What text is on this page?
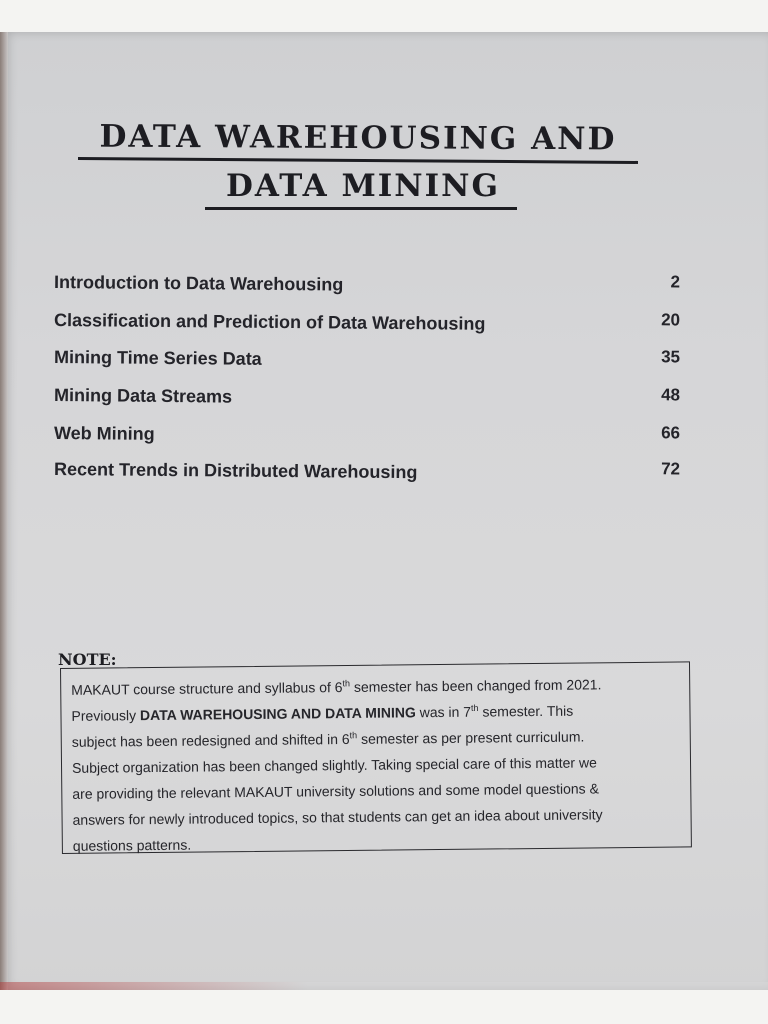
DATA WAREHOUSING AND
DATA MINING
Introduction to Data Warehousing	2
Classification and Prediction of Data Warehousing	20
Mining Time Series Data	35
Mining Data Streams	48
Web Mining	66
Recent Trends in Distributed Warehousing	72
NOTE:
MAKAUT course structure and syllabus of 6th semester has been changed from 2021.
Previously DATA WAREHOUSING AND DATA MINING was in 7th semester. This
subject has been redesigned and shifted in 6th semester as per present curriculum.
Subject organization has been changed slightly. Taking special care of this matter we
are providing the relevant MAKAUT university solutions and some model questions &
answers for newly introduced topics, so that students can get an idea about university
questions patterns.
